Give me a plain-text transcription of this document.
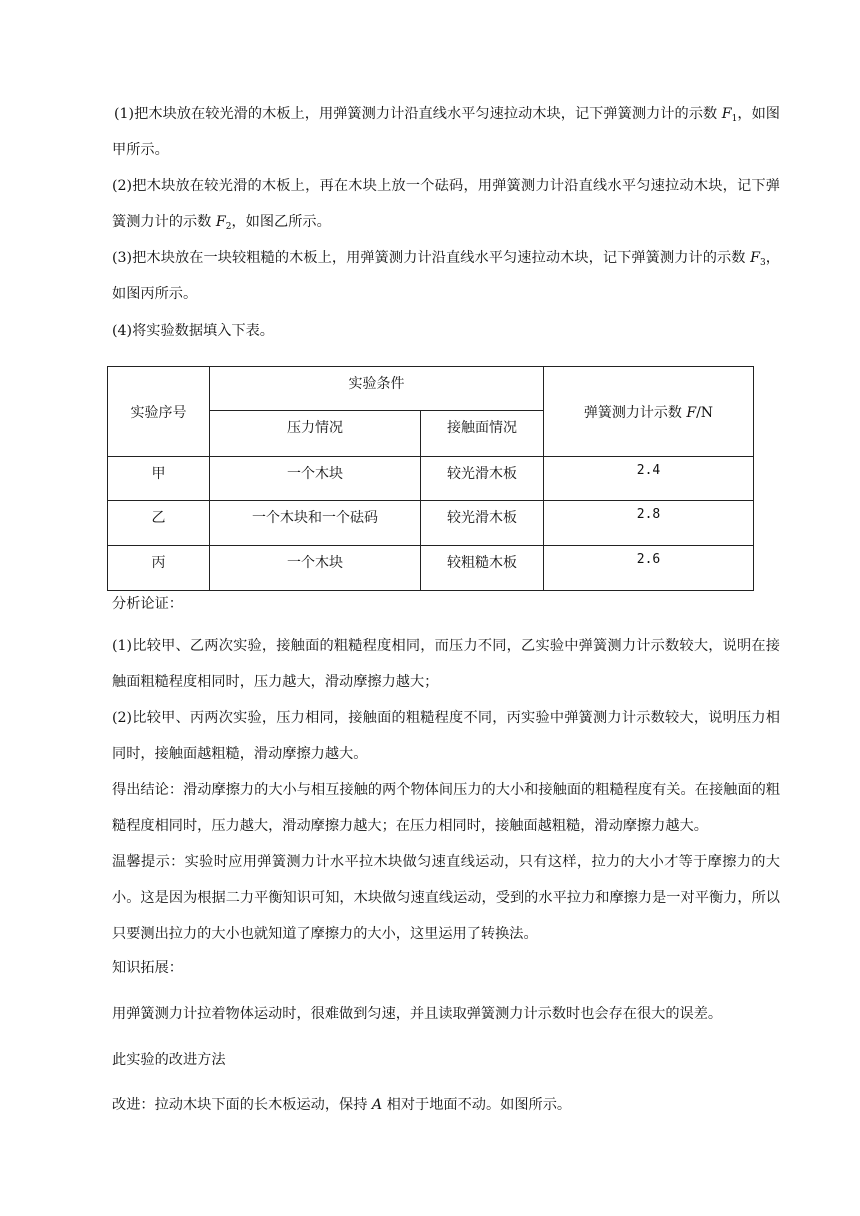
(1)把木块放在较光滑的木板上，用弹簧测力计沿直线水平匀速拉动木块，记下弹簧测力计的示数 $F_1$，如图甲所示。

(2)把木块放在较光滑的木板上，再在木块上放一个砝码，用弹簧测力计沿直线水平匀速拉动木块，记下弹簧测力计的示数 $F_2$，如图乙所示。

(3)把木块放在一块较粗糙的木板上，用弹簧测力计沿直线水平匀速拉动木块，记下弹簧测力计的示数 $F_3$，如图丙所示。

(4)将实验数据填入下表。

实验序号	实验条件		弹簧测力计示数 F/N
	压力情况	接触面情况	
甲	一个木块	较光滑木板	2.4
乙	一个木块和一个砝码	较光滑木板	2.8
丙	一个木块	较粗糙木板	2.6

分析论证：

(1)比较甲、乙两次实验，接触面的粗糙程度相同，而压力不同，乙实验中弹簧测力计示数较大，说明在接触面粗糙程度相同时，压力越大，滑动摩擦力越大；

(2)比较甲、丙两次实验，压力相同，接触面的粗糙程度不同，丙实验中弹簧测力计示数较大，说明压力相同时，接触面越粗糙，滑动摩擦力越大。

得出结论：滑动摩擦力的大小与相互接触的两个物体间压力的大小和接触面的粗糙程度有关。在接触面的粗糙程度相同时，压力越大，滑动摩擦力越大；在压力相同时，接触面越粗糙，滑动摩擦力越大。

温馨提示：实验时应用弹簧测力计水平拉木块做匀速直线运动，只有这样，拉力的大小才等于摩擦力的大小。这是因为根据二力平衡知识可知，木块做匀速直线运动，受到的水平拉力和摩擦力是一对平衡力，所以只要测出拉力的大小也就知道了摩擦力的大小，这里运用了转换法。

知识拓展：

用弹簧测力计拉着物体运动时，很难做到匀速，并且读取弹簧测力计示数时也会存在很大的误差。

此实验的改进方法

改进：拉动木块下面的长木板运动，保持 A 相对于地面不动。如图所示。
